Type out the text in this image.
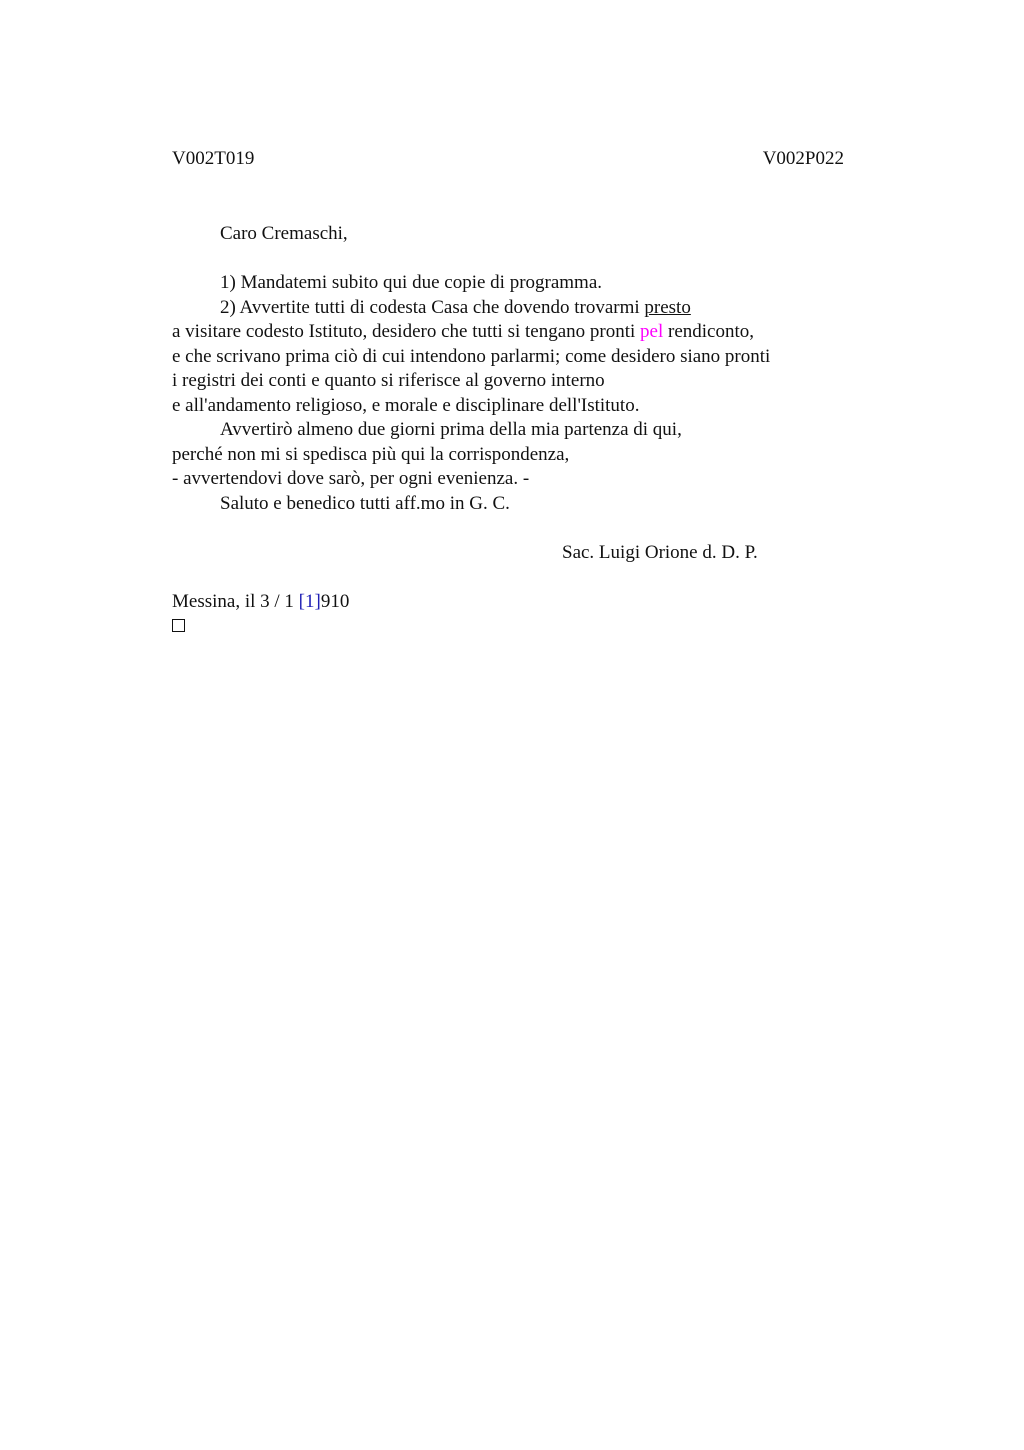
V002T019	V002P022
Caro Cremaschi,
1) Mandatemi subito qui due copie di programma.
2) Avvertite tutti di codesta Casa che dovendo trovarmi presto
a visitare codesto Istituto, desidero che tutti si tengano pronti pel rendiconto,
e che scrivano prima ciò di cui intendono parlarmi; come desidero siano pronti
i registri dei conti e quanto si riferisce al governo interno
e all'andamento religioso, e morale e disciplinare dell'Istituto.
Avvertirò almeno due giorni prima della mia partenza di qui,
perché non mi si spedisca più qui la corrispondenza,
- avvertendovi dove sarò, per ogni evenienza. -
Saluto e benedico tutti aff.mo in G. C.
Sac. Luigi Orione d. D. P.
Messina, il 3 / 1 [1]910
